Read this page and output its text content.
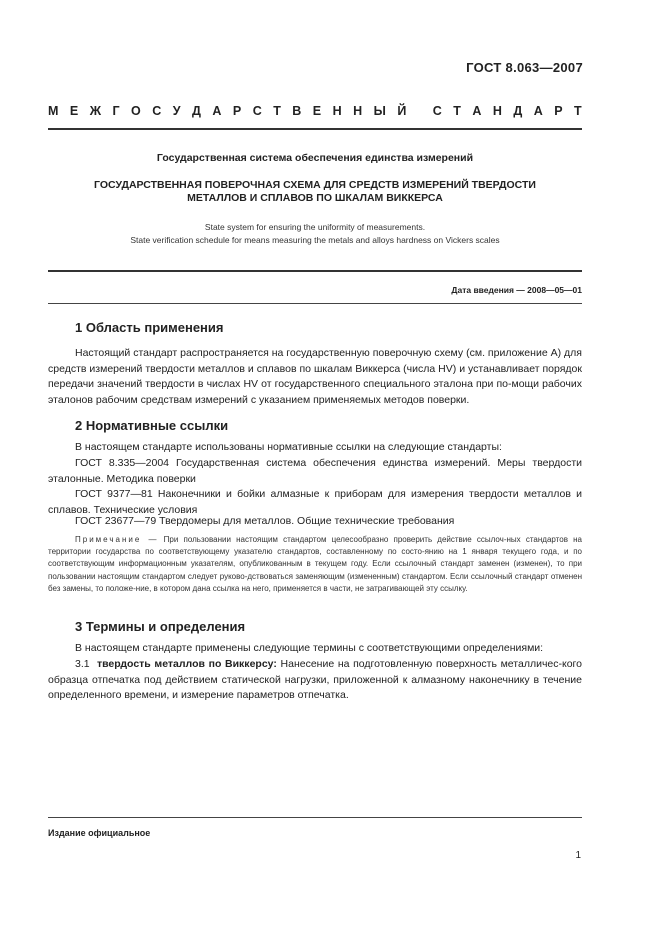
ГОСТ 8.063—2007
М Е Ж Г О С У Д А Р С Т В Е Н Н Ы Й
С Т А Н Д А Р Т
Государственная система обеспечения единства измерений
ГОСУДАРСТВЕННАЯ ПОВЕРОЧНАЯ СХЕМА ДЛЯ СРЕДСТВ ИЗМЕРЕНИЙ ТВЕРДОСТИ
МЕТАЛЛОВ И СПЛАВОВ ПО ШКАЛАМ ВИККЕРСА
State system for ensuring the uniformity of measurements.
State verification schedule for means measuring the metals and alloys hardness on Vickers scales
Дата введения — 2008—05—01
1 Область применения
Настоящий стандарт распространяется на государственную поверочную схему (см. приложение А) для средств измерений твердости металлов и сплавов по шкалам Виккерса (числа HV) и устанавливает порядок передачи значений твердости в числах HV от государственного специального эталона при по-мощи рабочих эталонов рабочим средствам измерений с указанием применяемых методов поверки.
2 Нормативные ссылки
В настоящем стандарте использованы нормативные ссылки на следующие стандарты:
ГОСТ 8.335—2004 Государственная система обеспечения единства измерений. Меры твердости эталонные. Методика поверки
ГОСТ 9377—81 Наконечники и бойки алмазные к приборам для измерения твердости металлов и сплавов. Технические условия
ГОСТ 23677—79 Твердомеры для металлов. Общие технические требования
Примечание — При пользовании настоящим стандартом целесообразно проверить действие ссылоч-ных стандартов на территории государства по соответствующему указателю стандартов, составленному по состо-янию на 1 января текущего года, и по соответствующим информационным указателям, опубликованным в текущем году. Если ссылочный стандарт заменен (изменен), то при пользовании настоящим стандартом следует руково-дствоваться заменяющим (измененным) стандартом. Если ссылочный стандарт отменен без замены, то положе-ние, в котором дана ссылка на него, применяется в части, не затрагивающей эту ссылку.
3 Термины и определения
В настоящем стандарте применены следующие термины с соответствующими определениями:
3.1 твердость металлов по Виккерсу: Нанесение на подготовленную поверхность металличес-кого образца отпечатка под действием статической нагрузки, приложенной к алмазному наконечнику в течение определенного времени, и измерение параметров отпечатка.
Издание официальное
1
